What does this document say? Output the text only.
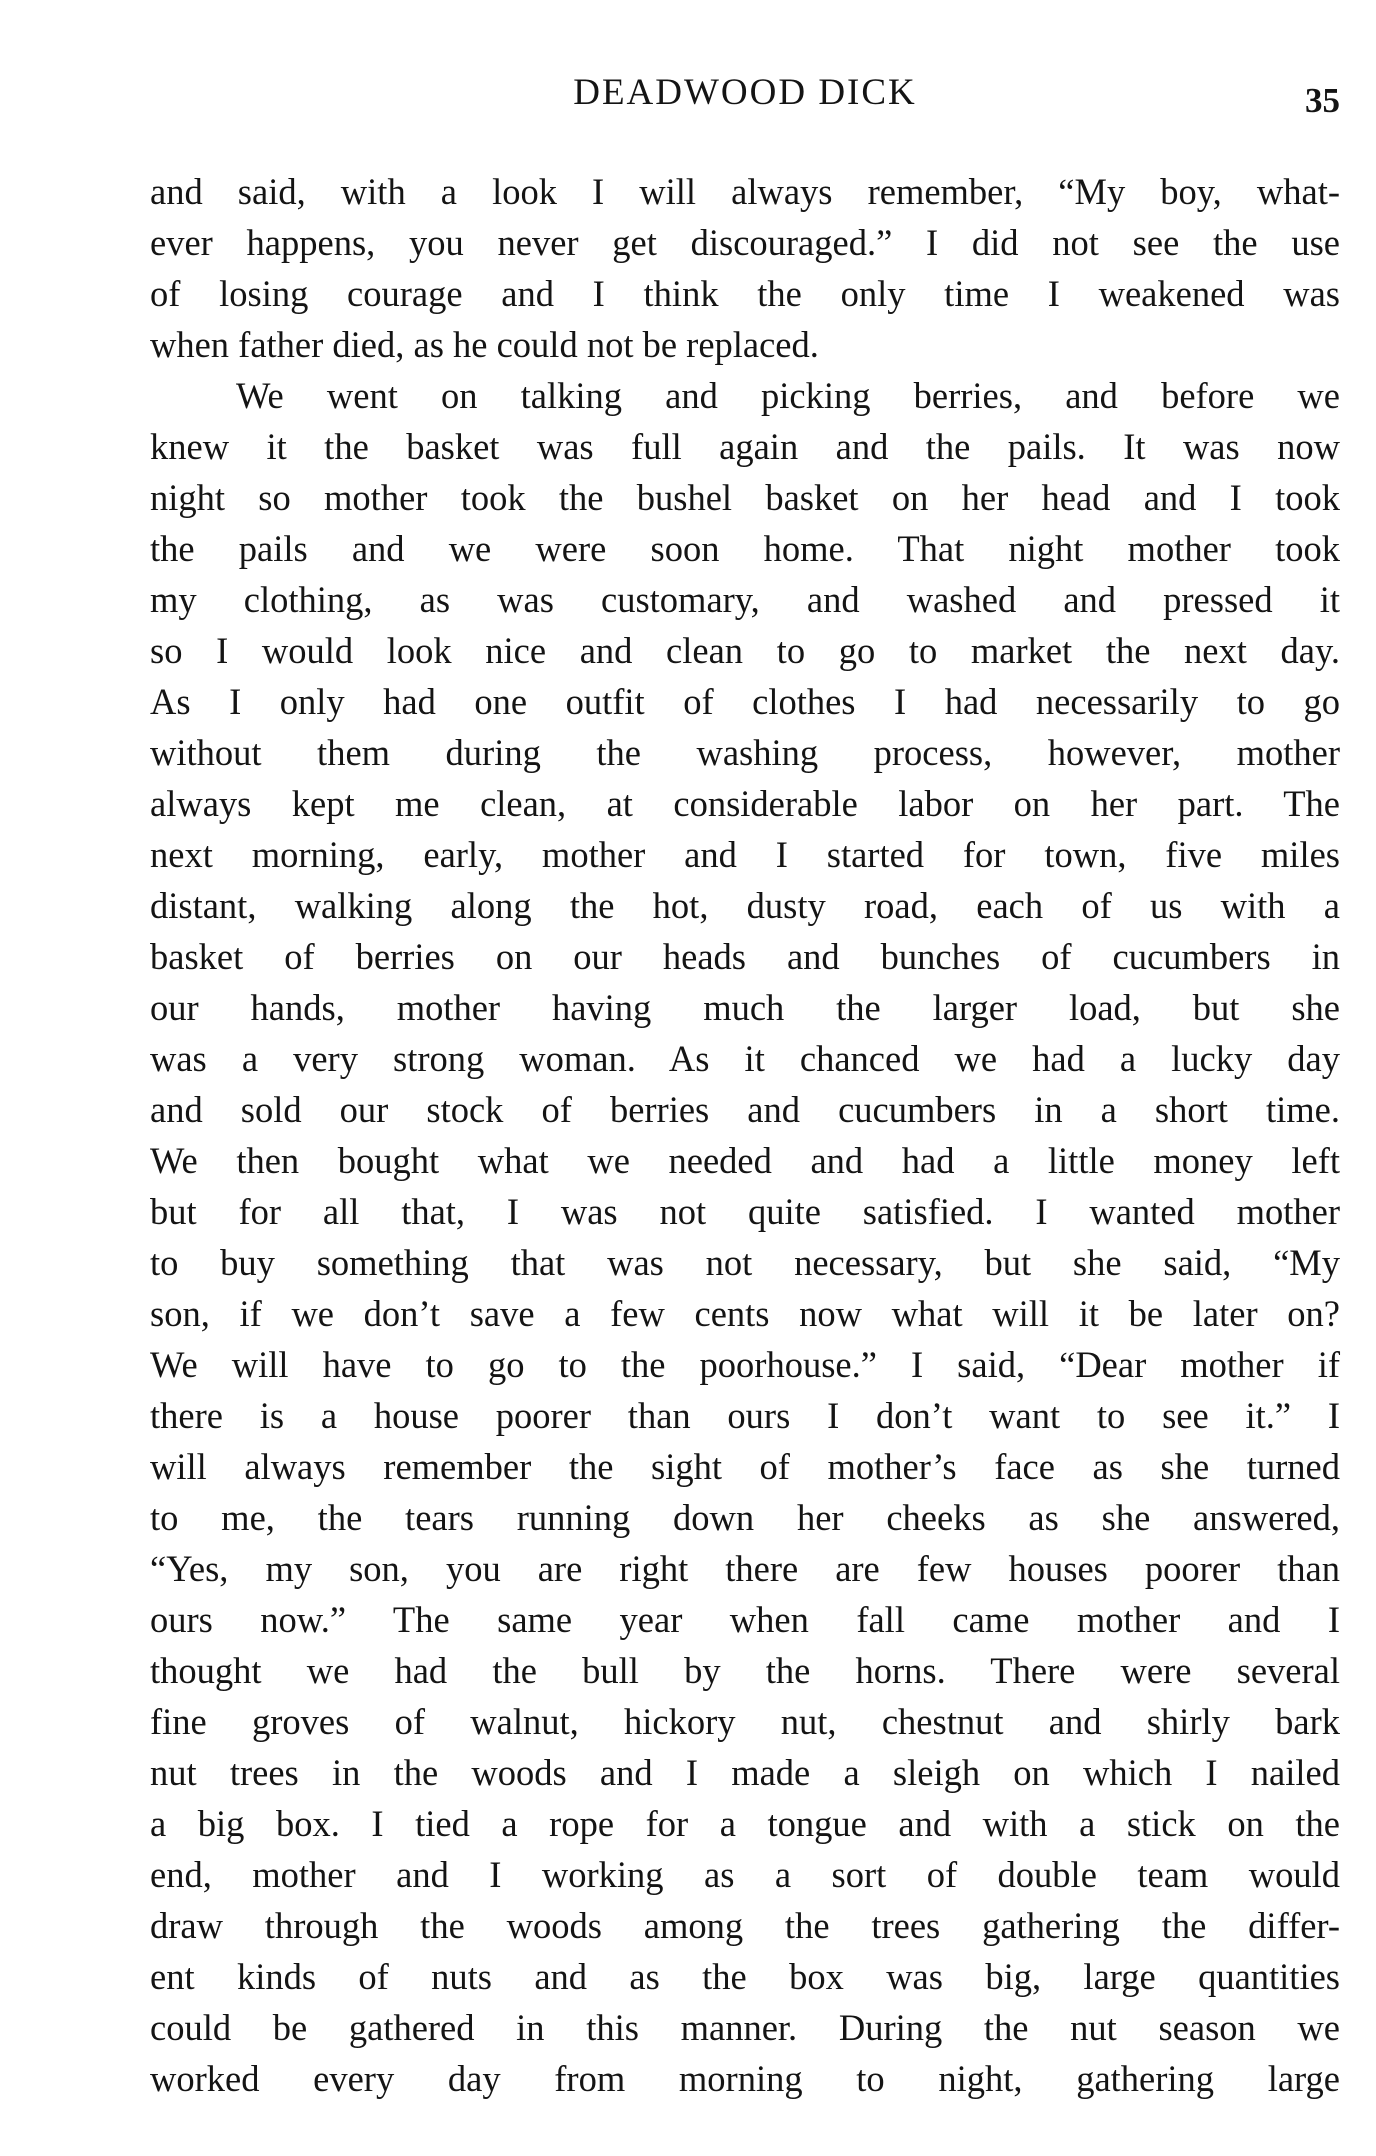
DEADWOOD DICK	35
and said, with a look I will always remember, “My boy, what-
ever happens, you never get discouraged.” I did not see the use
of losing courage and I think the only time I weakened was
when father died, as he could not be replaced.
We went on talking and picking berries, and before we
knew it the basket was full again and the pails. It was now
night so mother took the bushel basket on her head and I took
the pails and we were soon home. That night mother took
my clothing, as was customary, and washed and pressed it
so I would look nice and clean to go to market the next day.
As I only had one outfit of clothes I had necessarily to go
without them during the washing process, however, mother
always kept me clean, at considerable labor on her part. The
next morning, early, mother and I started for town, five miles
distant, walking along the hot, dusty road, each of us with a
basket of berries on our heads and bunches of cucumbers in
our hands, mother having much the larger load, but she
was a very strong woman. As it chanced we had a lucky day
and sold our stock of berries and cucumbers in a short time.
We then bought what we needed and had a little money left
but for all that, I was not quite satisfied. I wanted mother
to buy something that was not necessary, but she said, “My
son, if we don’t save a few cents now what will it be later on?
We will have to go to the poorhouse.” I said, “Dear mother if
there is a house poorer than ours I don’t want to see it.” I
will always remember the sight of mother’s face as she turned
to me, the tears running down her cheeks as she answered,
“Yes, my son, you are right there are few houses poorer than
ours now.” The same year when fall came mother and I
thought we had the bull by the horns. There were several
fine groves of walnut, hickory nut, chestnut and shirly bark
nut trees in the woods and I made a sleigh on which I nailed
a big box. I tied a rope for a tongue and with a stick on the
end, mother and I working as a sort of double team would
draw through the woods among the trees gathering the differ-
ent kinds of nuts and as the box was big, large quantities
could be gathered in this manner. During the nut season we
worked every day from morning to night, gathering large
